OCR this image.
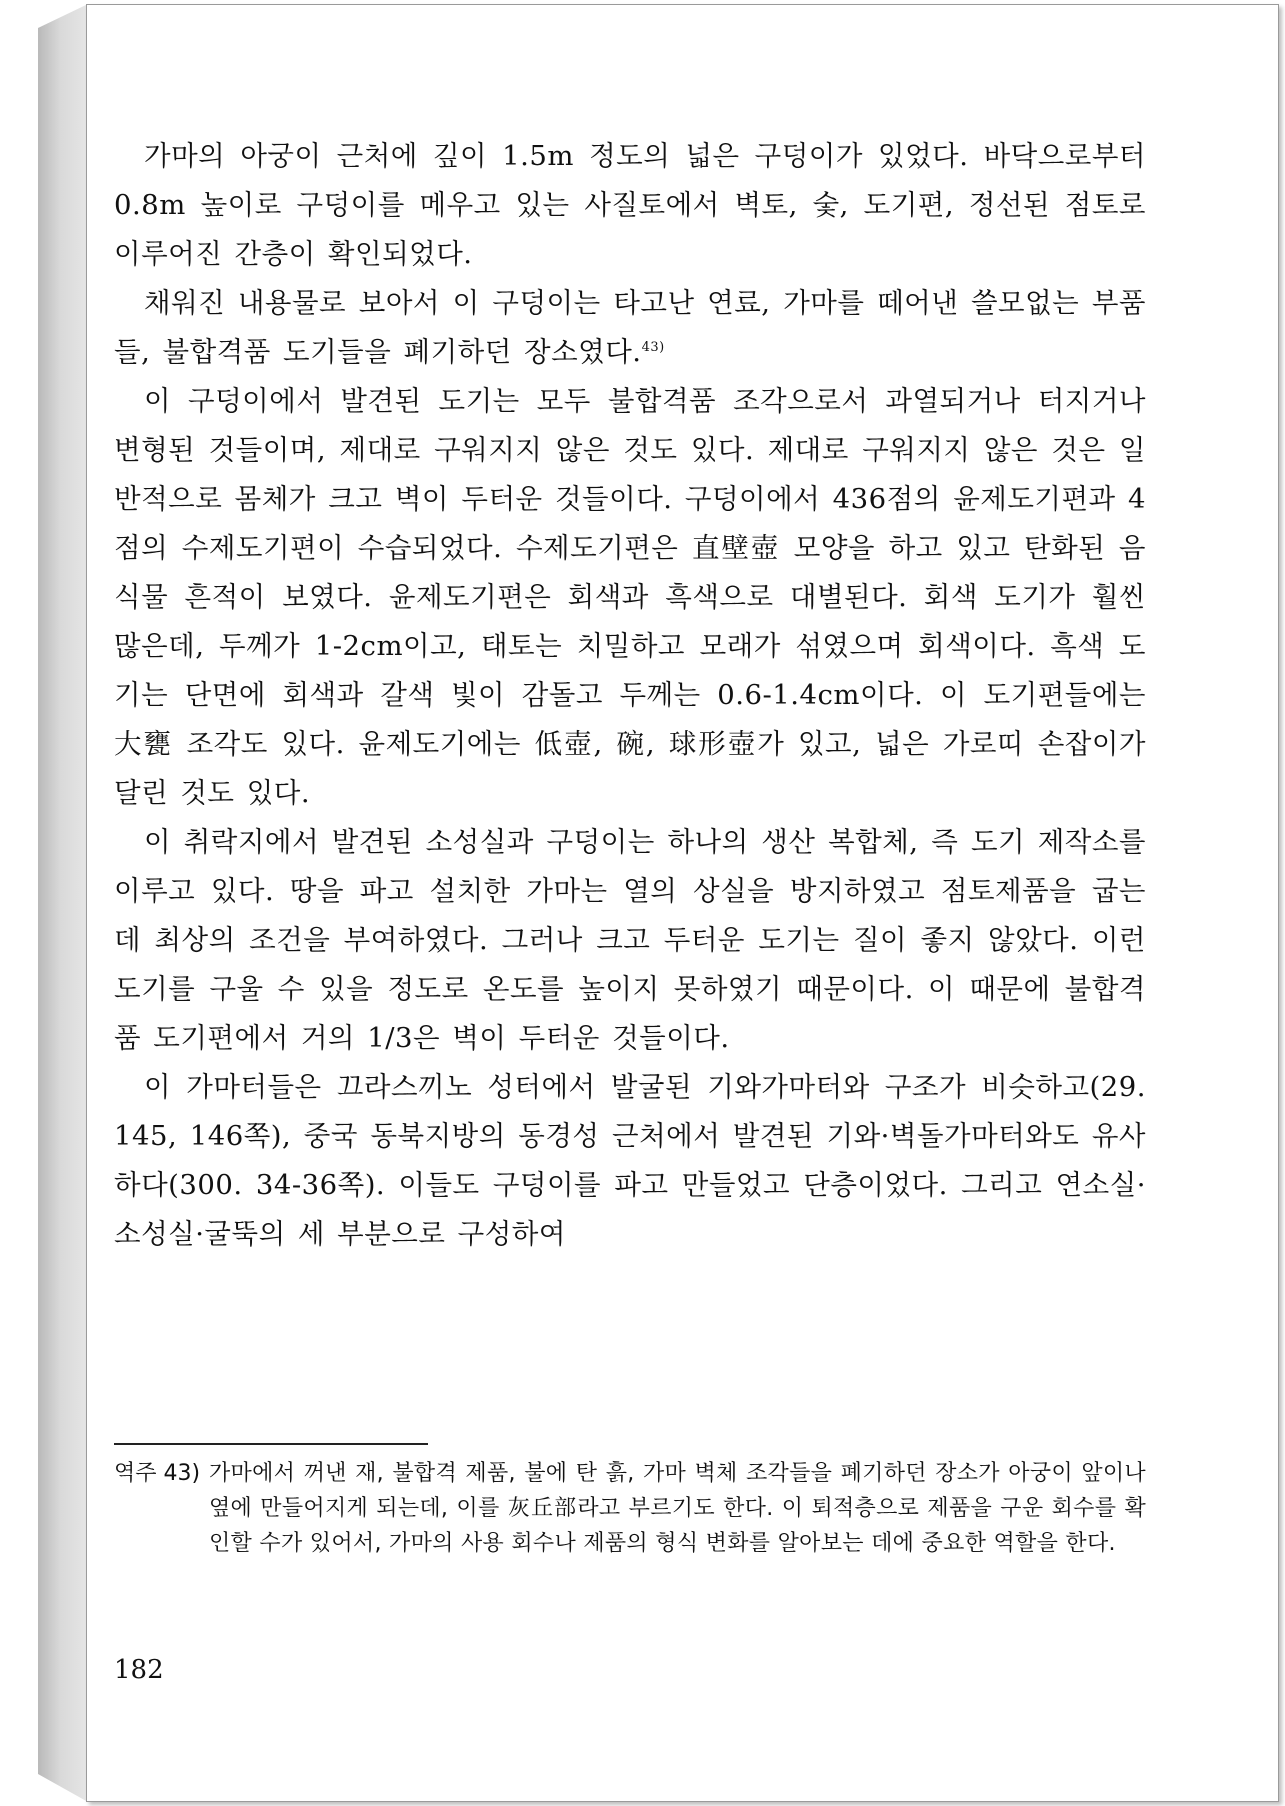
가마의 아궁이 근처에 깊이 1.5m 정도의 넓은 구덩이가 있었다. 바닥으로부터 0.8m 높이로 구덩이를 메우고 있는 사질토에서 벽토, 숯, 도기편, 정선된 점토로 이루어진 간층이 확인되었다.

채워진 내용물로 보아서 이 구덩이는 타고난 연료, 가마를 떼어낸 쓸모없는 부품들, 불합격품 도기들을 폐기하던 장소였다.$^{43)}$

이 구덩이에서 발견된 도기는 모두 불합격품 조각으로서 과열되거나 터지거나 변형된 것들이며, 제대로 구워지지 않은 것도 있다. 제대로 구워지지 않은 것은 일반적으로 몸체가 크고 벽이 두터운 것들이다. 구덩이에서 436점의 윤제도기편과 4점의 수제도기편이 수습되었다. 수제도기편은 直壁壺 모양을 하고 있고 탄화된 음식물 흔적이 보였다. 윤제도기편은 회색과 흑색으로 대별된다. 회색 도기가 훨씬 많은데, 두께가 1-2cm이고, 태토는 치밀하고 모래가 섞였으며 회색이다. 흑색 도기는 단면에 회색과 갈색 빛이 감돌고 두께는 0.6-1.4cm이다. 이 도기편들에는 大甕 조각도 있다. 윤제도기에는 低壺, 碗, 球形壺가 있고, 넓은 가로띠 손잡이가 달린 것도 있다.

이 취락지에서 발견된 소성실과 구덩이는 하나의 생산 복합체, 즉 도기 제작소를 이루고 있다. 땅을 파고 설치한 가마는 열의 상실을 방지하였고 점토제품을 굽는 데 최상의 조건을 부여하였다. 그러나 크고 두터운 도기는 질이 좋지 않았다. 이런 도기를 구울 수 있을 정도로 온도를 높이지 못하였기 때문이다. 이 때문에 불합격품 도기편에서 거의 1/3은 벽이 두터운 것들이다.

이 가마터들은 끄라스끼노 성터에서 발굴된 기와가마터와 구조가 비슷하고(29. 145, 146쪽), 중국 동북지방의 동경성 근처에서 발견된 기와·벽돌가마터와도 유사하다(300. 34-36쪽). 이들도 구덩이를 파고 만들었고 단층이었다. 그리고 연소실·소성실·굴뚝의 세 부분으로 구성하여

역주 43) 가마에서 꺼낸 재, 불합격 제품, 불에 탄 흙, 가마 벽체 조각들을 폐기하던 장소가 아궁이 앞이나 옆에 만들어지게 되는데, 이를 灰丘部라고 부르기도 한다. 이 퇴적층으로 제품을 구운 회수를 확인할 수가 있어서, 가마의 사용 회수나 제품의 형식 변화를 알아보는 데에 중요한 역할을 한다.
182
